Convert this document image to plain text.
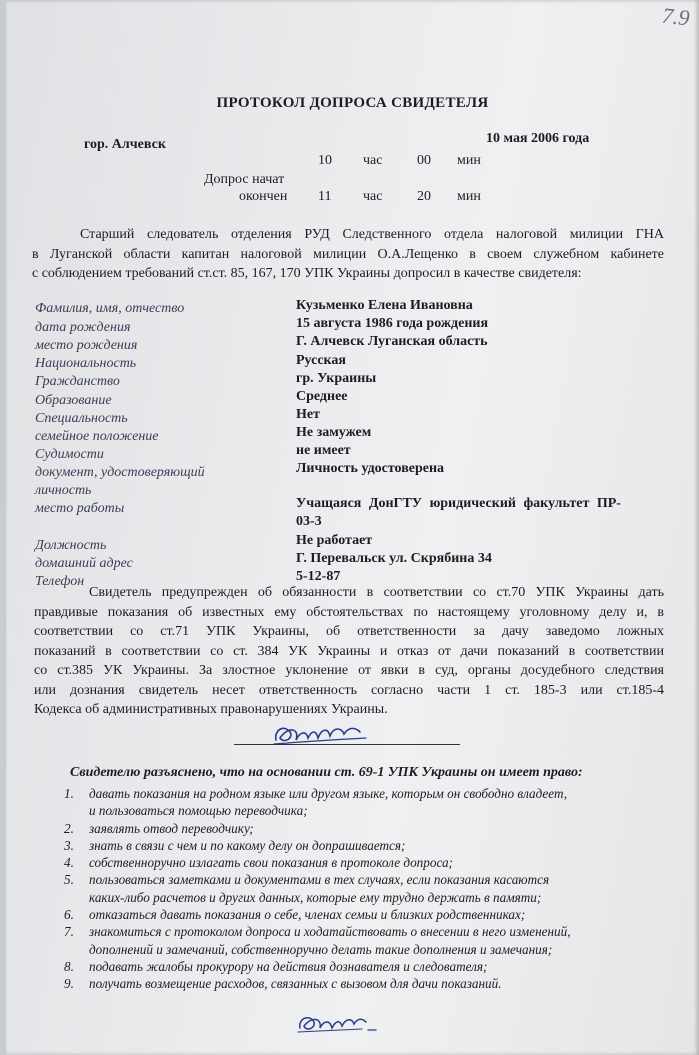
7.9
ПРОТОКОЛ ДОПРОСА СВИДЕТЕЛЯ
гор. Алчевск	10 мая 2006 года
10 час 00 мин
Допрос начат
окончен 11 час 20 мин
Старший следователь отделения РУД Следственного отдела налоговой милиции ГНА
в Луганской области капитан налоговой милиции О.А.Лещенко в своем служебном кабинете
с соблюдением требований ст.ст. 85, 167, 170 УПК Украины допросил в качестве свидетеля:
Фамилия, имя, отчество	Кузьменко Елена Ивановна
дата рождения	15 августа 1986 года рождения
место рождения	Г. Алчевск Луганская область
Национальность	Русская
Гражданство	гр. Украины
Образование	Среднее
Специальность	Нет
семейное положение	Не замужем
Судимости	не имеет
документ, удостоверяющий	Личность удостоверена
личность
место работы	Учащаяся ДонГТУ юридический факультет ПР-
03-3
Должность	Не работает
домашний адрес	Г. Перевальск ул. Скрябина 34
Телефон	5-12-87
Свидетель предупрежден об обязанности в соответствии со ст.70 УПК Украины дать
правдивые показания об известных ему обстоятельствах по настоящему уголовному делу и, в
соответствии со ст.71 УПК Украины, об ответственности за дачу заведомо ложных
показаний в соответствии со ст. 384 УК Украины и отказ от дачи показаний в соответствии
со ст.385 УК Украины. За злостное уклонение от явки в суд, органы досудебного следствия
или дознания свидетель несет ответственность согласно части 1 ст. 185-3 или ст.185-4
Кодекса об административных правонарушениях Украины.
Свидетелю разъяснено, что на основании ст. 69-1 УПК Украины он имеет право:
1. давать показания на родном языке или другом языке, которым он свободно владеет,
и пользоваться помощью переводчика;
2. заявлять отвод переводчику;
3. знать в связи с чем и по какому делу он допрашивается;
4. собственноручно излагать свои показания в протоколе допроса;
5. пользоваться заметками и документами в тех случаях, если показания касаются
каких-либо расчетов и других данных, которые ему трудно держать в памяти;
6. отказаться давать показания о себе, членах семьи и близких родственниках;
7. знакомиться с протоколом допроса и ходатайствовать о внесении в него изменений,
дополнений и замечаний, собственноручно делать такие дополнения и замечания;
8. подавать жалобы прокурору на действия дознавателя и следователя;
9. получать возмещение расходов, связанных с вызовом для дачи показаний.
